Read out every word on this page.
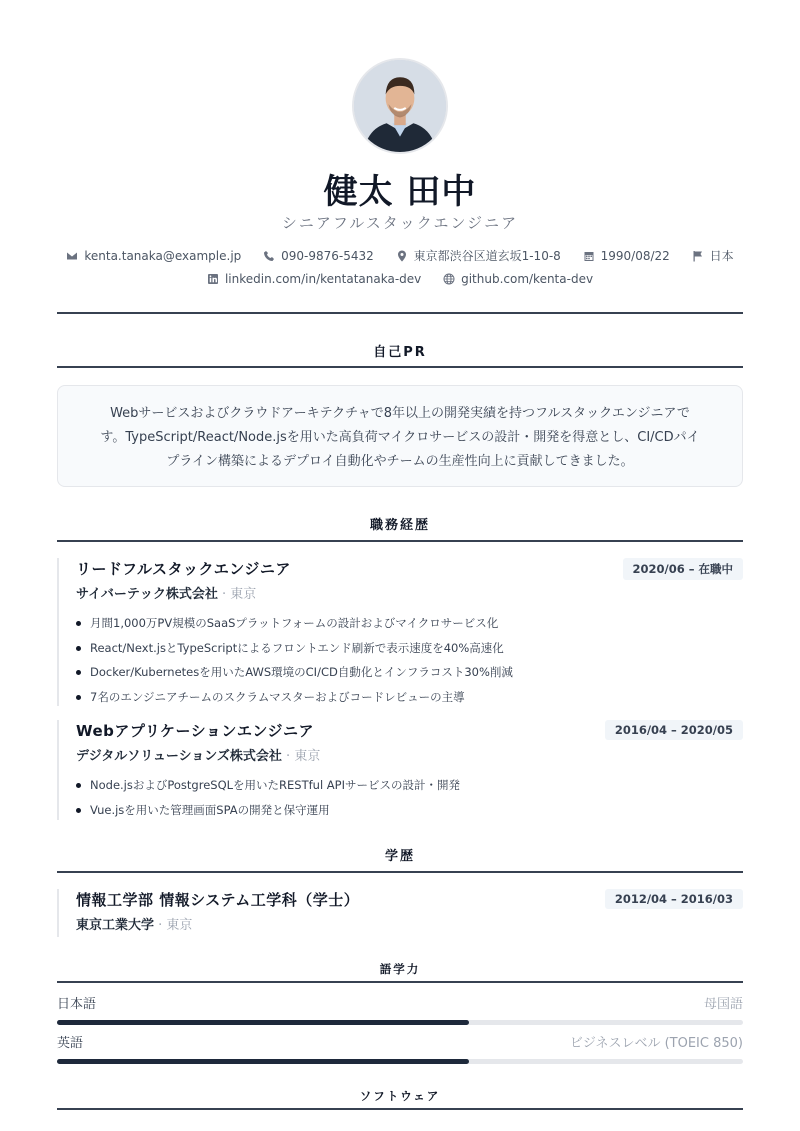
健太 田中
シニアフルスタックエンジニア
kenta.tanaka@example.jp
	090-9876-5432
	東京都渋谷区道玄坂1-10-8
	1990/08/22
	日本
linkedin.com/in/kentatanaka-dev
	github.com/kenta-dev
自己PR
Webサービスおよびクラウドアーキテクチャで8年以上の開発実績を持つフルスタックエンジニアで
す。TypeScript/React/Node.jsを用いた高負荷マイクロサービスの設計・開発を得意とし、CI/CDパイ
プライン構築によるデプロイ自動化やチームの生産性向上に貢献してきました。
職務経歴
リードフルスタックエンジニア	2020/06 – 在職中
サイバーテック株式会社 · 東京
月間1,000万PV規模のSaaSプラットフォームの設計およびマイクロサービス化
React/Next.jsとTypeScriptによるフロントエンド刷新で表示速度を40%高速化
Docker/Kubernetesを用いたAWS環境のCI/CD自動化とインフラコスト30%削減
7名のエンジニアチームのスクラムマスターおよびコードレビューの主導
Webアプリケーションエンジニア	2016/04 – 2020/05
デジタルソリューションズ株式会社 · 東京
Node.jsおよびPostgreSQLを用いたRESTful APIサービスの設計・開発
Vue.jsを用いた管理画面SPAの開発と保守運用
学歴
情報工学部 情報システム工学科（学士）	2012/04 – 2016/03
東京工業大学 · 東京
語学力
日本語	母国語
英語	ビジネスレベル (TOEIC 850)
ソフトウェア
